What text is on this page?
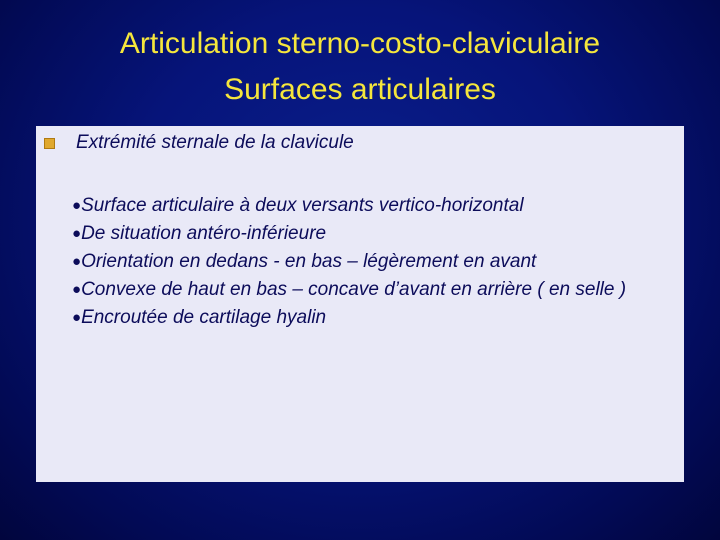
Articulation sterno-costo-claviculaire
Surfaces articulaires
Extrémité sternale de la clavicule
●Surface articulaire à deux versants vertico-horizontal
●De situation antéro-inférieure
●Orientation en dedans - en bas – légèrement en avant
●Convexe de haut en bas – concave d’avant en arrière ( en selle )
●Encroutée de cartilage hyalin
